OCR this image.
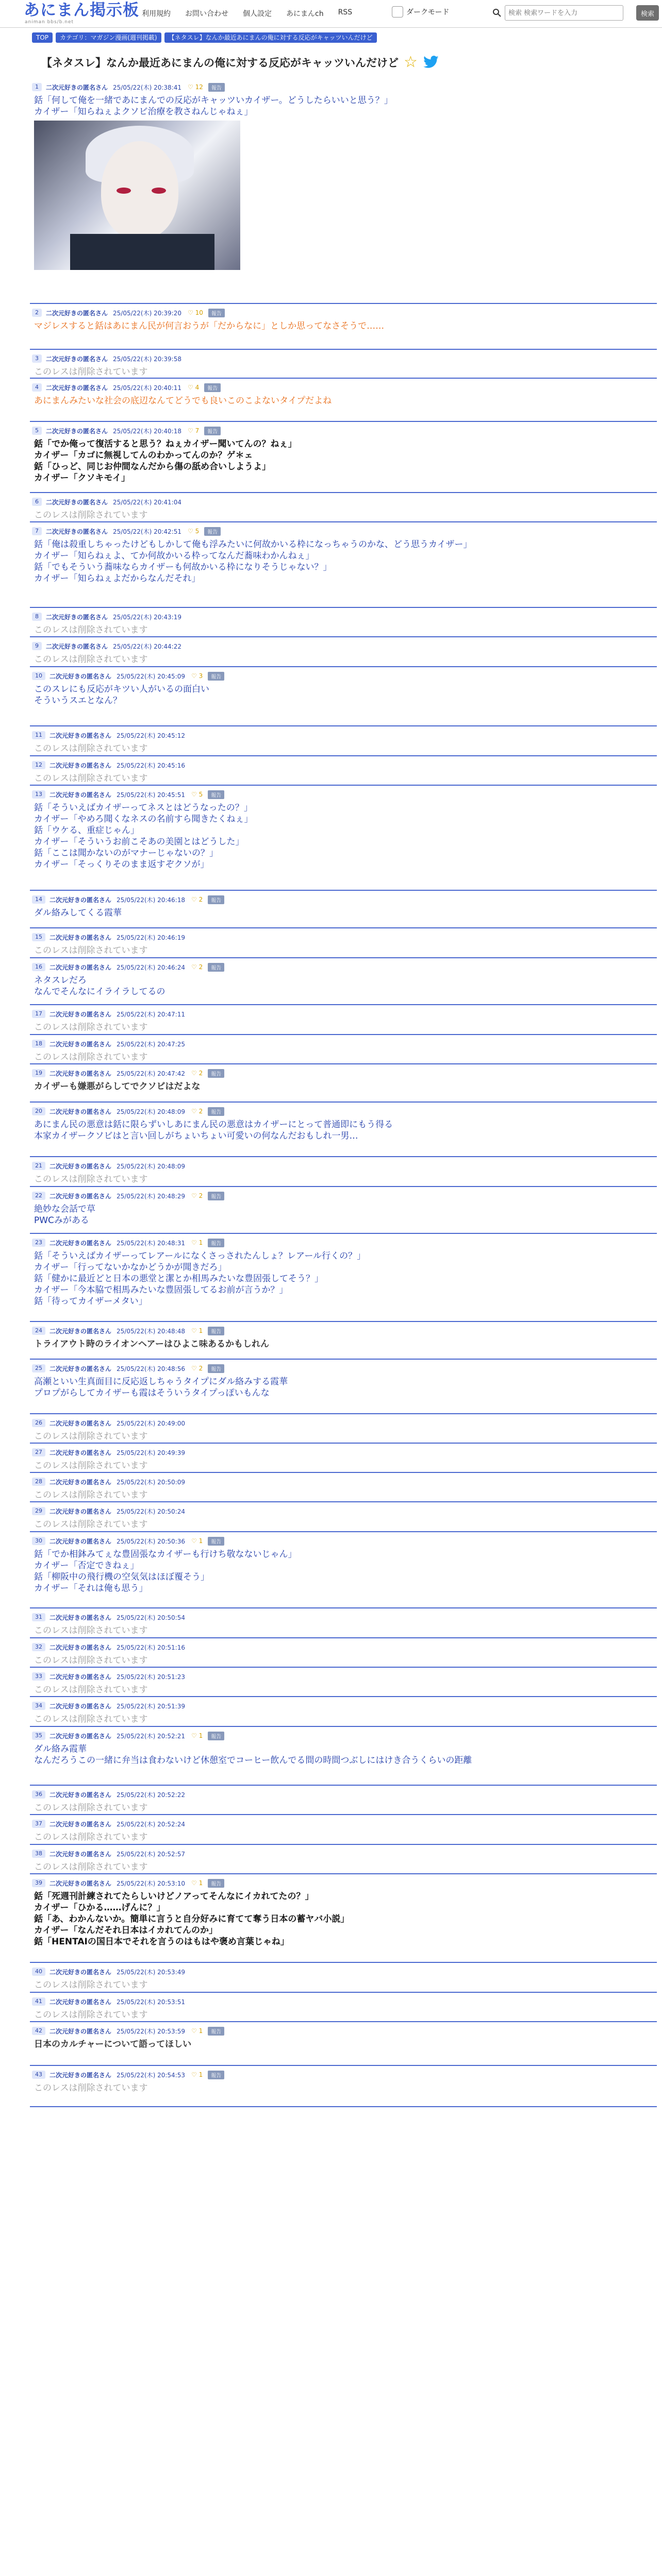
あにまん掲示板
animan bbs/b.net
利用規約 お問い合わせ 個人設定 あにまんch RSS	ダークモード
検索 検索ワードを入力	検索
TOP	カテゴリ：マガジン漫画(週刊掲載)	【ネタスレ】なんか最近あにまんの俺に対する反応がキャッツいんだけど
【ネタスレ】なんか最近あにまんの俺に対する反応がキャッツいんだけど ☆
1	二次元好きの匿名さん 25/05/22(木) 20:38:41 ♡ 12	報告
銛「何して俺を一緒であにまんでの反応がキャッツいカイザー。どうしたらいいと思う？」
カイザー「知らねぇよクソビ治療を教さねんじゃねぇ」
2	二次元好きの匿名さん 25/05/22(木) 20:39:20 ♡ 10	報告
マジレスすると銛はあにまん民が何言おうが「だからなに」としか思ってなさそうで……
3	二次元好きの匿名さん 25/05/22(木) 20:39:58
このレスは削除されています
4	二次元好きの匿名さん 25/05/22(木) 20:40:11 ♡ 4	報告
あにまんみたいな社会の底辺なんてどうでも良いこのこよないタイプだよね
5	二次元好きの匿名さん 25/05/22(木) 20:40:18 ♡ 7	報告
銛「でか俺って復活すると思う？ねぇカイザー聞いてんの？ねぇ」
カイザー「カゴに無視してんのわかってんのか？ゲ＊ェ
銛「ひっど、同じお仲間なんだから傷の舐め合いしようよ」
カイザー「クソキモイ」
6	二次元好きの匿名さん 25/05/22(木) 20:41:04
このレスは削除されています
7	二次元好きの匿名さん 25/05/22(木) 20:42:51 ♡ 5	報告
銛「俺は殺重しちゃったけどもしかして俺も浮みたいに何故かいる枠になっちゃうのかな、どう思うカイザー」
カイザー「知らねぇよ、てか何故かいる枠ってなんだ蕎味わかんねぇ」
銛「でもそういう蕎味ならカイザーも何故かいる枠になりそうじゃない？」
カイザー「知らねぇよだからなんだそれ」
8	二次元好きの匿名さん 25/05/22(木) 20:43:19
このレスは削除されています
9	二次元好きの匿名さん 25/05/22(木) 20:44:22
このレスは削除されています
10	二次元好きの匿名さん 25/05/22(木) 20:45:09 ♡ 3	報告
このスレにも反応がキツい人がいるの面白い
そういうスエとなん？
11	二次元好きの匿名さん 25/05/22(木) 20:45:12
このレスは削除されています
12	二次元好きの匿名さん 25/05/22(木) 20:45:16
このレスは削除されています
13	二次元好きの匿名さん 25/05/22(木) 20:45:51 ♡ 5	報告
銛「そういえばカイザーってネスとはどうなったの？」
カイザー「やめろ聞くなネスの名前すら聞きたくねぇ」
銛「ウケる、重症じゃん」
カイザー「そういうお前こそあの美園とはどうした」
銛「ここは聞かないのがマナーじゃないの？」
カイザー「そっくりそのまま返すぞクソが」
14	二次元好きの匿名さん 25/05/22(木) 20:46:18 ♡ 2	報告
ダル絡みしてくる霞華
15	二次元好きの匿名さん 25/05/22(木) 20:46:19
このレスは削除されています
16	二次元好きの匿名さん 25/05/22(木) 20:46:24 ♡ 2	報告
ネタスレだろ
なんでそんなにイライラしてるの
17	二次元好きの匿名さん 25/05/22(木) 20:47:11
このレスは削除されています
18	二次元好きの匿名さん 25/05/22(木) 20:47:25
このレスは削除されています
19	二次元好きの匿名さん 25/05/22(木) 20:47:42 ♡ 2	報告
カイザーも嫌悪がらしてでクソビはだよな
20	二次元好きの匿名さん 25/05/22(木) 20:48:09 ♡ 2	報告
あにまん民の悪意は銛に限らずいしあにまん民の悪意はカイザーにとって普通即にもう得る
本家カイザークソビはと言い回しがちょいちょい可愛いの何なんだおもしれ一男…
21	二次元好きの匿名さん 25/05/22(木) 20:48:09
このレスは削除されています
22	二次元好きの匿名さん 25/05/22(木) 20:48:29 ♡ 2	報告
絶妙な会話で草
PWCみがある
23	二次元好きの匿名さん 25/05/22(木) 20:48:31 ♡ 1	報告
銛「そういえばカイザーってレアールになくさっされたんしょ？レアール行くの？」
カイザー「行ってないかなかどうかが聞きだろ」
銛「健かに最近どと日本の悪堂と潔とか相馬みたいな豊固張してそう？」
カイザー「今本脇で相馬みたいな豊固張してるお前が言うか？」
銛「待ってカイザーメタい」
24	二次元好きの匿名さん 25/05/22(木) 20:48:48 ♡ 1	報告
トライアウト時のライオンヘアーはひよこ味あるかもしれん
25	二次元好きの匿名さん 25/05/22(木) 20:48:56 ♡ 2	報告
高瀬といい生真面目に反応返しちゃうタイプにダル絡みする霞華
プロプがらしてカイザーも霞はそういうタイプっぽいもんな
26	二次元好きの匿名さん 25/05/22(木) 20:49:00
このレスは削除されています
27	二次元好きの匿名さん 25/05/22(木) 20:49:39
このレスは削除されています
28	二次元好きの匿名さん 25/05/22(木) 20:50:09
このレスは削除されています
29	二次元好きの匿名さん 25/05/22(木) 20:50:24
このレスは削除されています
30	二次元好きの匿名さん 25/05/22(木) 20:50:36 ♡ 1	報告
銛「でか相鉢みてぇな豊固張なカイザーも行けち敬なないじゃん」
カイザー「否定できねぇ」
銛「柳阪中の飛行機の空気気はほぼ覆そう」
カイザー「それは俺も思う」
31	二次元好きの匿名さん 25/05/22(木) 20:50:54
このレスは削除されています
32	二次元好きの匿名さん 25/05/22(木) 20:51:16
このレスは削除されています
33	二次元好きの匿名さん 25/05/22(木) 20:51:23
このレスは削除されています
34	二次元好きの匿名さん 25/05/22(木) 20:51:39
このレスは削除されています
35	二次元好きの匿名さん 25/05/22(木) 20:52:21 ♡ 1	報告
ダル絡み霞華
なんだろうこの一緒に弁当は食わないけど休憩室でコーヒー飲んでる間の時間つぶしにはけき合うくらいの距離
36	二次元好きの匿名さん 25/05/22(木) 20:52:22
このレスは削除されています
37	二次元好きの匿名さん 25/05/22(木) 20:52:24
このレスは削除されています
38	二次元好きの匿名さん 25/05/22(木) 20:52:57
このレスは削除されています
39	二次元好きの匿名さん 25/05/22(木) 20:53:10 ♡ 1	報告
銛「死週刊計練されてたらしいけどノアってそんなにイカれてたの？」
カイザー「ひかる……げんに？」
銛「あ、わかんないか。簡単に言うと自分好みに育てて奪う日本の蓄ヤバ小説」
カイザー「なんだそれ日本はイカれてんのか」
銛「HENTAIの国日本でそれを言うのはもはや褒め言葉じゃね」
40	二次元好きの匿名さん 25/05/22(木) 20:53:49
このレスは削除されています
41	二次元好きの匿名さん 25/05/22(木) 20:53:51
このレスは削除されています
42	二次元好きの匿名さん 25/05/22(木) 20:53:59 ♡ 1	報告
日本のカルチャーについて語ってほしい
43	二次元好きの匿名さん 25/05/22(木) 20:54:53 ♡ 1	報告
このレスは削除されています
